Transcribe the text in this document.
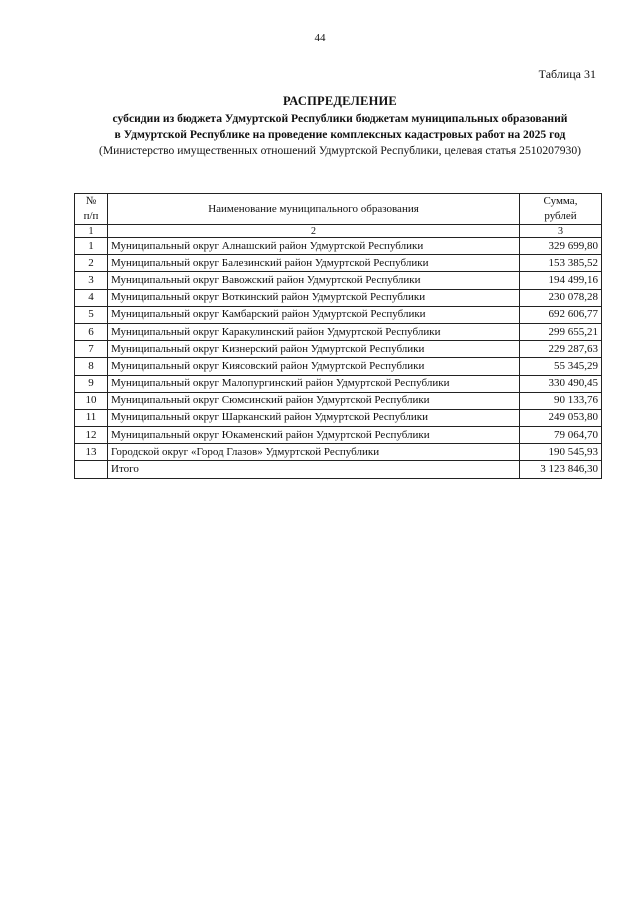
44
Таблица 31
РАСПРЕДЕЛЕНИЕ
субсидии из бюджета Удмуртской Республики бюджетам муниципальных образований
в Удмуртской Республике на проведение комплексных кадастровых работ на 2025 год
(Министерство имущественных отношений Удмуртской Республики, целевая статья 2510207930)
№
п/п	Наименование муниципального образования	Сумма,
рублей
1	2	3
1	Муниципальный округ Алнашский район Удмуртской Республики	329 699,80
2	Муниципальный округ Балезинский район Удмуртской Республики	153 385,52
3	Муниципальный округ Вавожский район Удмуртской Республики	194 499,16
4	Муниципальный округ Воткинский район Удмуртской Республики	230 078,28
5	Муниципальный округ Камбарский район Удмуртской Республики	692 606,77
6	Муниципальный округ Каракулинский район Удмуртской Республики	299 655,21
7	Муниципальный округ Кизнерский район Удмуртской Республики	229 287,63
8	Муниципальный округ Киясовский район Удмуртской Республики	55 345,29
9	Муниципальный округ Малопургинский район Удмуртской Республики	330 490,45
10	Муниципальный округ Сюмсинский район Удмуртской Республики	90 133,76
11	Муниципальный округ Шарканский район Удмуртской Республики	249 053,80
12	Муниципальный округ Юкаменский район Удмуртской Республики	79 064,70
13	Городской округ «Город Глазов» Удмуртской Республики	190 545,93
	Итого	3 123 846,30
